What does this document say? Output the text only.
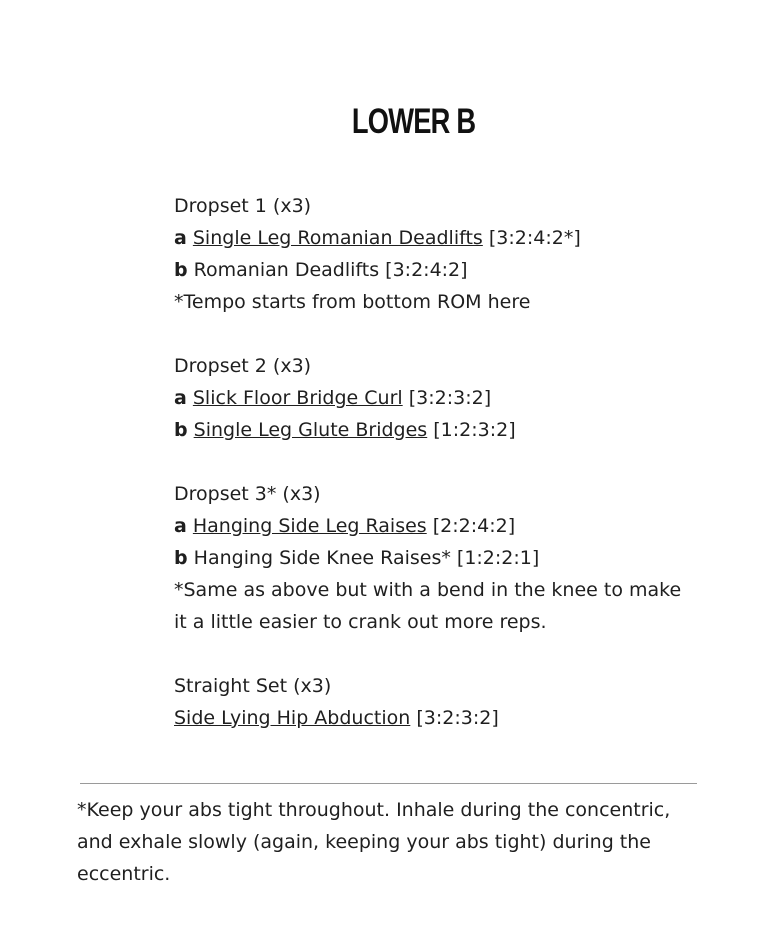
LOWER B
Dropset 1 (x3)
a Single Leg Romanian Deadlifts [3:2:4:2*]
b Romanian Deadlifts [3:2:4:2]
*Tempo starts from bottom ROM here
Dropset 2 (x3)
a Slick Floor Bridge Curl [3:2:3:2]
b Single Leg Glute Bridges [1:2:3:2]
Dropset 3* (x3)
a Hanging Side Leg Raises [2:2:4:2]
b Hanging Side Knee Raises* [1:2:2:1]
*Same as above but with a bend in the knee to make it a little easier to crank out more reps.
Straight Set (x3)
Side Lying Hip Abduction [3:2:3:2]

*Keep your abs tight throughout. Inhale during the concentric, and exhale slowly (again, keeping your abs tight) during the eccentric.
